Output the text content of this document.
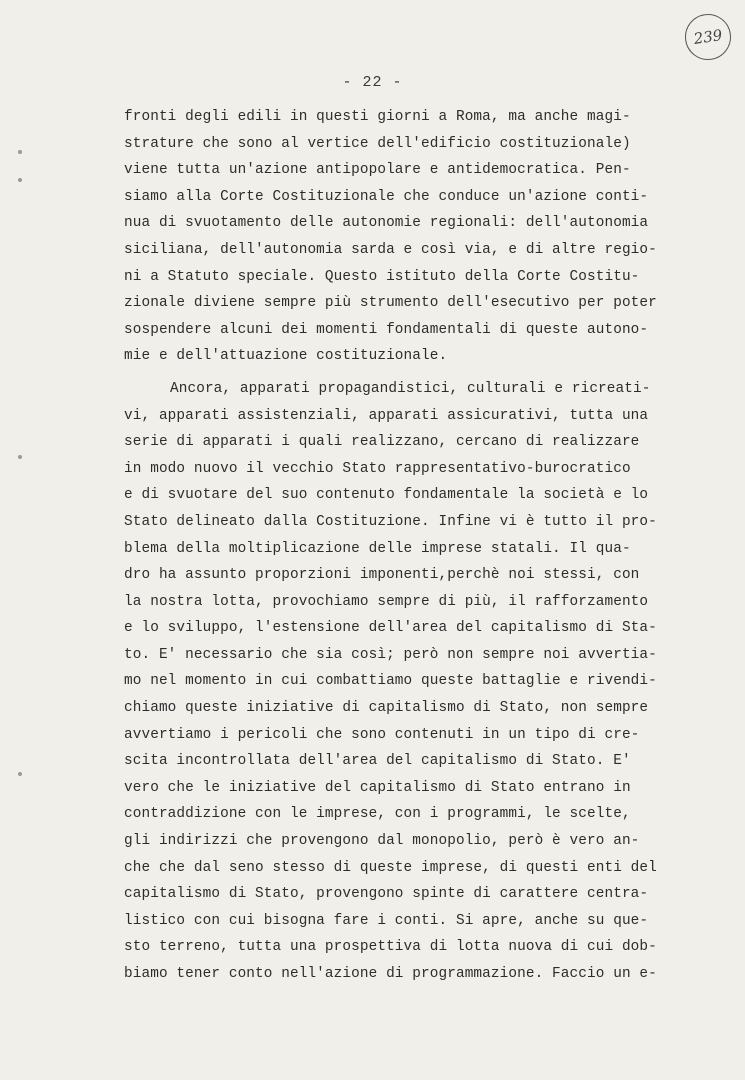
239
- 22 -
fronti degli edili in questi giorni a Roma, ma anche magi-
strature che sono al vertice dell'edificio costituzionale)
viene tutta un'azione antipopolare e antidemocratica. Pen-
siamo alla Corte Costituzionale che conduce un'azione conti-
nua di svuotamento delle autonomie regionali: dell'autonomia
siciliana, dell'autonomia sarda e così via, e di altre regio-
ni a Statuto speciale. Questo istituto della Corte Costitu-
zionale diviene sempre più strumento dell'esecutivo per poter
sospendere alcuni dei momenti fondamentali di queste autono-
mie e dell'attuazione costituzionale.
Ancora, apparati propagandistici, culturali e ricreati-
vi, apparati assistenziali, apparati assicurativi, tutta una
serie di apparati i quali realizzano, cercano di realizzare
in modo nuovo il vecchio Stato rappresentativo-burocratico
e di svuotare del suo contenuto fondamentale la società e lo
Stato delineato dalla Costituzione. Infine vi è tutto il pro-
blema della moltiplicazione delle imprese statali. Il qua-
dro ha assunto proporzioni imponenti,perchè noi stessi, con
la nostra lotta, provochiamo sempre di più, il rafforzamento
e lo sviluppo, l'estensione dell'area del capitalismo di Sta-
to. E' necessario che sia così; però non sempre noi avvertia-
mo nel momento in cui combattiamo queste battaglie e rivendi-
chiamo queste iniziative di capitalismo di Stato, non sempre
avvertiamo i pericoli che sono contenuti in un tipo di cre-
scita incontrollata dell'area del capitalismo di Stato. E'
vero che le iniziative del capitalismo di Stato entrano in
contraddizione con le imprese, con i programmi, le scelte,
gli indirizzi che provengono dal monopolio, però è vero an-
che che dal seno stesso di queste imprese, di questi enti del
capitalismo di Stato, provengono spinte di carattere centra-
listico con cui bisogna fare i conti. Si apre, anche su que-
sto terreno, tutta una prospettiva di lotta nuova di cui dob-
biamo tener conto nell'azione di programmazione. Faccio un e-
